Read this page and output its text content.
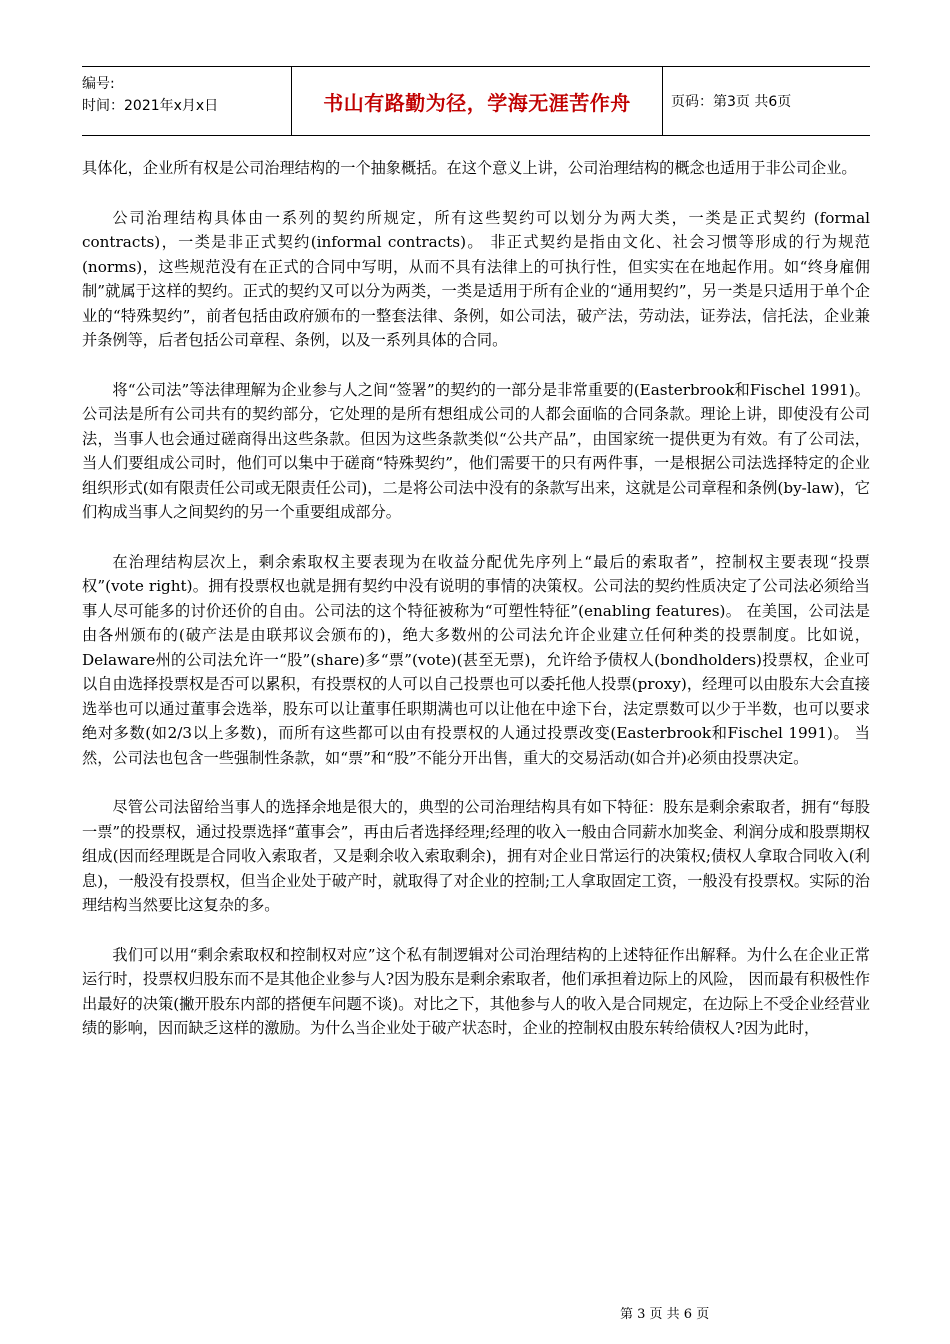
编号:
时间：2021年x月x日	书山有路勤为径，学海无涯苦作舟	页码：第3页 共6页

具体化，企业所有权是公司治理结构的一个抽象概括。在这个意义上讲，公司治理结构的概念也适用于非公司企业。

公司治理结构具体由一系列的契约所规定，所有这些契约可以划分为两大类，一类是正式契约 (formal contracts)，一类是非正式契约(informal contracts)。 非正式契约是指由文化、社会习惯等形成的行为规范(norms)，这些规范没有在正式的合同中写明，从而不具有法律上的可执行性，但实实在在地起作用。如“终身雇佣制”就属于这样的契约。正式的契约又可以分为两类，一类是适用于所有企业的“通用契约”，另一类是只适用于单个企业的“特殊契约”，前者包括由政府颁布的一整套法律、条例，如公司法，破产法，劳动法，证券法，信托法，企业兼并条例等，后者包括公司章程、条例，以及一系列具体的合同。

将“公司法”等法律理解为企业参与人之间“签署”的契约的一部分是非常重要的(Easterbrook和Fischel 1991)。 公司法是所有公司共有的契约部分，它处理的是所有想组成公司的人都会面临的合同条款。理论上讲，即使没有公司法，当事人也会通过磋商得出这些条款。但因为这些条款类似“公共产品”，由国家统一提供更为有效。有了公司法，当人们要组成公司时，他们可以集中于磋商“特殊契约”，他们需要干的只有两件事，一是根据公司法选择特定的企业组织形式(如有限责任公司或无限责任公司)，二是将公司法中没有的条款写出来，这就是公司章程和条例(by-law)，它们构成当事人之间契约的另一个重要组成部分。

在治理结构层次上，剩余索取权主要表现为在收益分配优先序列上“最后的索取者”，控制权主要表现“投票权”(vote right)。拥有投票权也就是拥有契约中没有说明的事情的决策权。公司法的契约性质决定了公司法必须给当事人尽可能多的讨价还价的自由。公司法的这个特征被称为“可塑性特征”(enabling features)。 在美国，公司法是由各州颁布的(破产法是由联邦议会颁布的)，绝大多数州的公司法允许企业建立任何种类的投票制度。比如说，Delaware州的公司法允许一“股”(share)多“票”(vote)(甚至无票)，允许给予债权人(bondholders)投票权，企业可以自由选择投票权是否可以累积，有投票权的人可以自己投票也可以委托他人投票(proxy)，经理可以由股东大会直接选举也可以通过董事会选举，股东可以让董事任职期满也可以让他在中途下台，法定票数可以少于半数，也可以要求绝对多数(如2/3以上多数)，而所有这些都可以由有投票权的人通过投票改变(Easterbrook和Fischel 1991)。 当然，公司法也包含一些强制性条款，如“票”和“股”不能分开出售，重大的交易活动(如合并)必须由投票决定。

尽管公司法留给当事人的选择余地是很大的，典型的公司治理结构具有如下特征：股东是剩余索取者，拥有“每股一票”的投票权，通过投票选择“董事会”，再由后者选择经理;经理的收入一般由合同薪水加奖金、利润分成和股票期权组成(因而经理既是合同收入索取者，又是剩余收入索取剩余)，拥有对企业日常运行的决策权;债权人拿取合同收入(利息)，一般没有投票权，但当企业处于破产时，就取得了对企业的控制;工人拿取固定工资，一般没有投票权。实际的治理结构当然要比这复杂的多。

我们可以用“剩余索取权和控制权对应”这个私有制逻辑对公司治理结构的上述特征作出解释。为什么在企业正常运行时，投票权归股东而不是其他企业参与人?因为股东是剩余索取者，他们承担着边际上的风险， 因而最有积极性作出最好的决策(撇开股东内部的搭便车问题不谈)。对比之下，其他参与人的收入是合同规定，在边际上不受企业经营业绩的影响，因而缺乏这样的激励。为什么当企业处于破产状态时，企业的控制权由股东转给债权人?因为此时，

第 3 页 共 6 页
